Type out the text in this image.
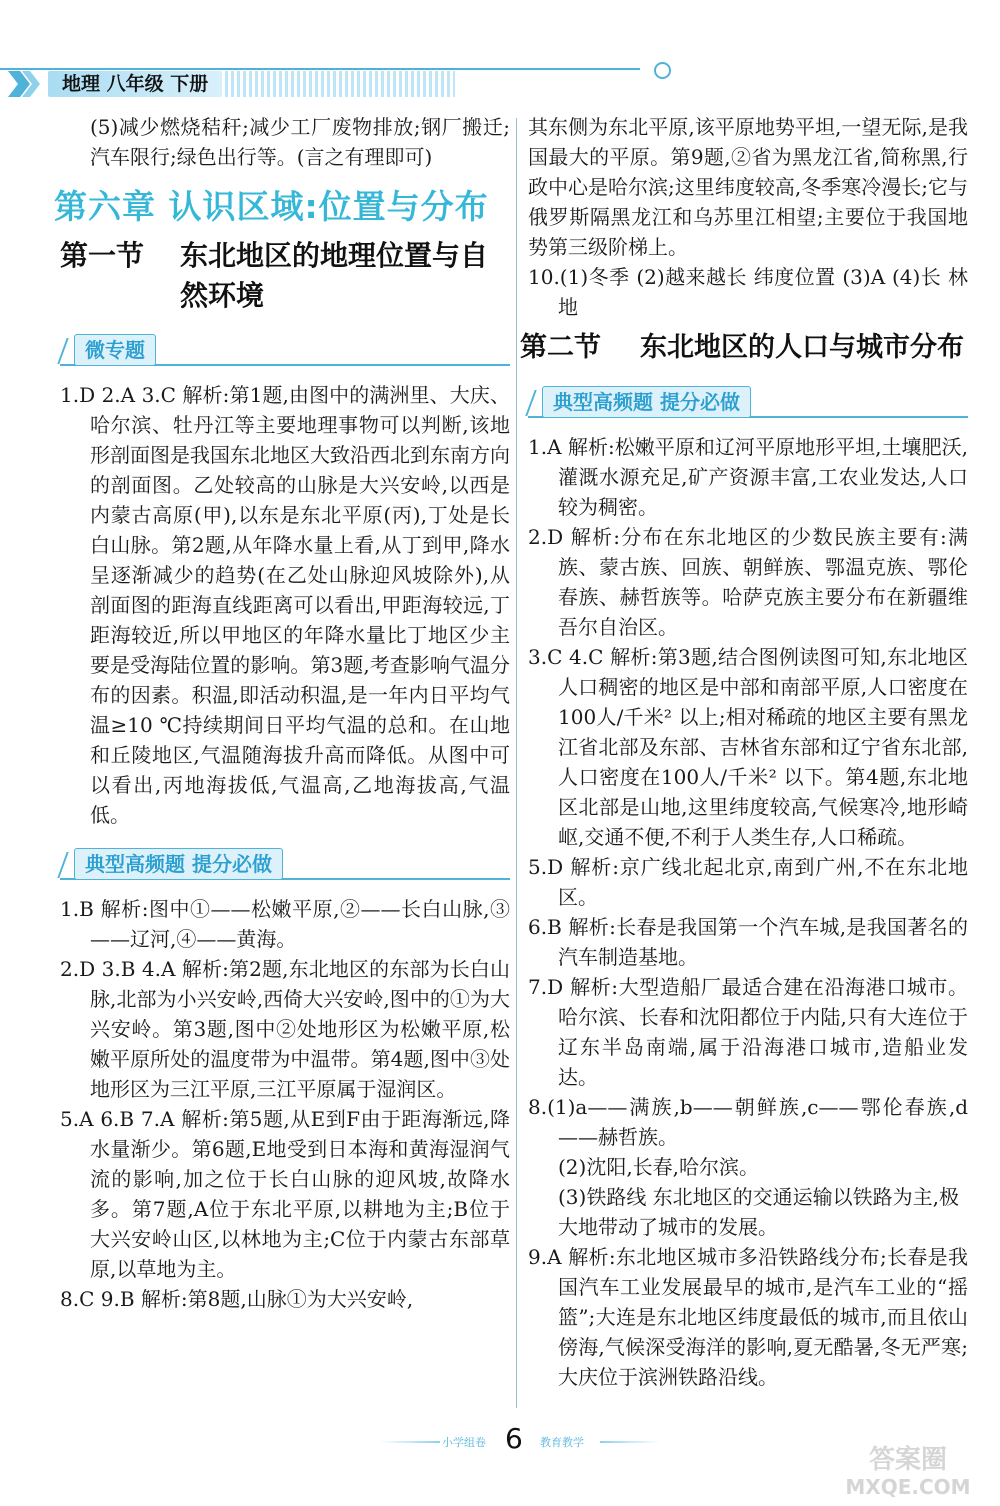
地理 八年级 下册

(5)减少燃烧秸秆;减少工厂废物排放;钢厂搬迁;汽车限行;绿色出行等。(言之有理即可)

第六章 认识区域:位置与分布
第一节	东北地区的地理位置与自然环境
微专题

1.D 2.A 3.C 解析:第1题,由图中的满洲里、大庆、哈尔滨、牡丹江等主要地理事物可以判断,该地形剖面图是我国东北地区大致沿西北到东南方向的剖面图。乙处较高的山脉是大兴安岭,以西是内蒙古高原(甲),以东是东北平原(丙),丁处是长白山脉。第2题,从年降水量上看,从丁到甲,降水呈逐渐减少的趋势(在乙处山脉迎风坡除外),从剖面图的距海直线距离可以看出,甲距海较远,丁距海较近,所以甲地区的年降水量比丁地区少主要是受海陆位置的影响。第3题,考查影响气温分布的因素。积温,即活动积温,是一年内日平均气温≥10 ℃持续期间日平均气温的总和。在山地和丘陵地区,气温随海拔升高而降低。从图中可以看出,丙地海拔低,气温高,乙地海拔高,气温低。

典型高频题 提分必做

1.B 解析:图中①——松嫩平原,②——长白山脉,③——辽河,④——黄海。

2.D 3.B 4.A 解析:第2题,东北地区的东部为长白山脉,北部为小兴安岭,西倚大兴安岭,图中的①为大兴安岭。第3题,图中②处地形区为松嫩平原,松嫩平原所处的温度带为中温带。第4题,图中③处地形区为三江平原,三江平原属于湿润区。

5.A 6.B 7.A 解析:第5题,从E到F由于距海渐远,降水量渐少。第6题,E地受到日本海和黄海湿润气流的影响,加之位于长白山脉的迎风坡,故降水多。第7题,A位于东北平原,以耕地为主;B位于大兴安岭山区,以林地为主;C位于内蒙古东部草原,以草地为主。

8.C 9.B 解析:第8题,山脉①为大兴安岭,

其东侧为东北平原,该平原地势平坦,一望无际,是我国最大的平原。第9题,②省为黑龙江省,简称黑,行政中心是哈尔滨;这里纬度较高,冬季寒冷漫长;它与俄罗斯隔黑龙江和乌苏里江相望;主要位于我国地势第三级阶梯上。

10.(1)冬季 (2)越来越长 纬度位置 (3)A (4)长 林地

第二节	东北地区的人口与城市分布
典型高频题 提分必做

1.A 解析:松嫩平原和辽河平原地形平坦,土壤肥沃,灌溉水源充足,矿产资源丰富,工农业发达,人口较为稠密。

2.D 解析:分布在东北地区的少数民族主要有:满族、蒙古族、回族、朝鲜族、鄂温克族、鄂伦春族、赫哲族等。哈萨克族主要分布在新疆维吾尔自治区。

3.C 4.C 解析:第3题,结合图例读图可知,东北地区人口稠密的地区是中部和南部平原,人口密度在100人/千米² 以上;相对稀疏的地区主要有黑龙江省北部及东部、吉林省东部和辽宁省东北部,人口密度在100人/千米² 以下。第4题,东北地区北部是山地,这里纬度较高,气候寒冷,地形崎岖,交通不便,不利于人类生存,人口稀疏。

5.D 解析:京广线北起北京,南到广州,不在东北地区。

6.B 解析:长春是我国第一个汽车城,是我国著名的汽车制造基地。

7.D 解析:大型造船厂最适合建在沿海港口城市。哈尔滨、长春和沈阳都位于内陆,只有大连位于辽东半岛南端,属于沿海港口城市,造船业发达。

8.(1)a——满族,b——朝鲜族,c——鄂伦春族,d——赫哲族。

(2)沈阳,长春,哈尔滨。

(3)铁路线 东北地区的交通运输以铁路为主,极大地带动了城市的发展。

9.A 解析:东北地区城市多沿铁路线分布;长春是我国汽车工业发展最早的城市,是汽车工业的“摇篮”;大连是东北地区纬度最低的城市,而且依山傍海,气候深受海洋的影响,夏无酷暑,冬无严寒;大庆位于滨洲铁路沿线。

小学组卷 6 教育教学
答案圈
MXQE.COM
